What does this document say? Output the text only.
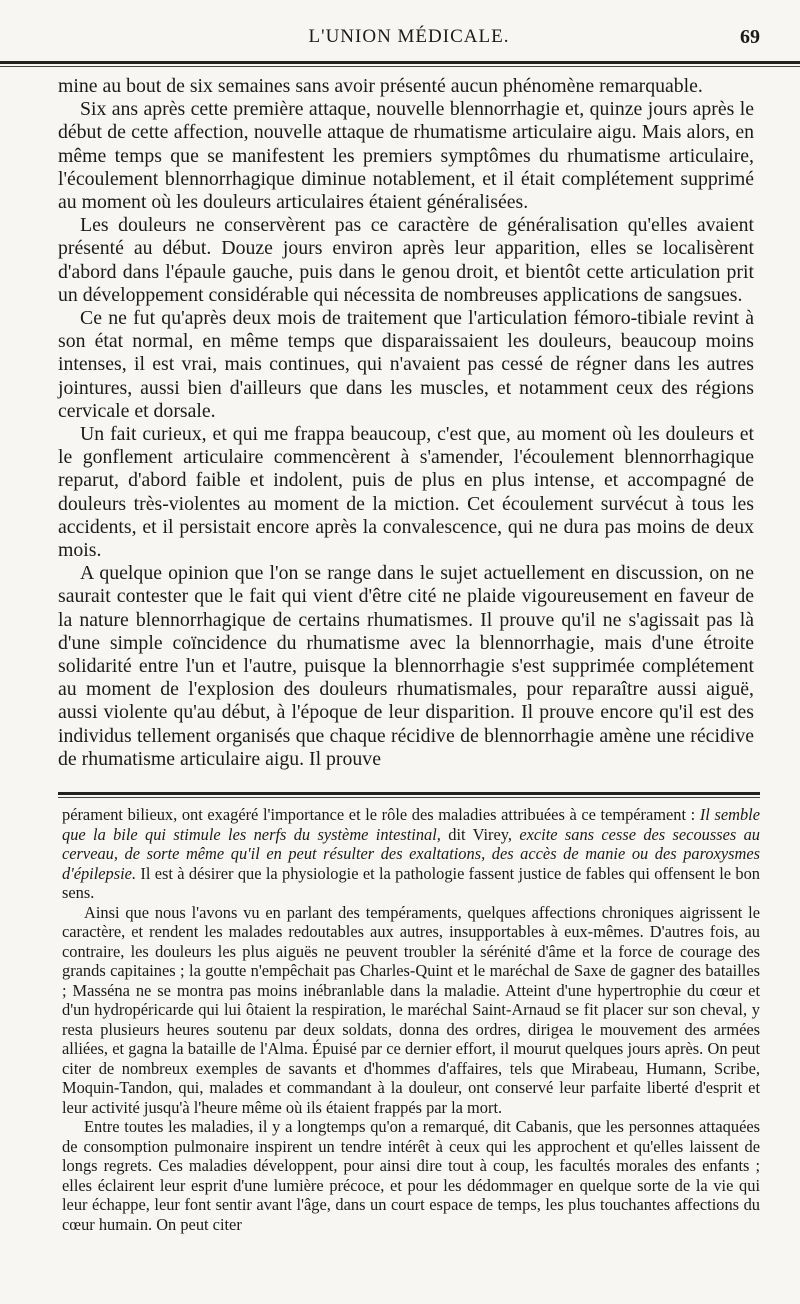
L'UNION MÉDICALE.	69

mine au bout de six semaines sans avoir présenté aucun phénomène remarquable.

Six ans après cette première attaque, nouvelle blennorrhagie et, quinze jours après le début de cette affection, nouvelle attaque de rhumatisme articulaire aigu. Mais alors, en même temps que se manifestent les premiers symptômes du rhumatisme articulaire, l'écoulement blennorrhagique diminue notablement, et il était complétement supprimé au moment où les douleurs articulaires étaient généralisées.

Les douleurs ne conservèrent pas ce caractère de généralisation qu'elles avaient présenté au début. Douze jours environ après leur apparition, elles se localisèrent d'abord dans l'épaule gauche, puis dans le genou droit, et bientôt cette articulation prit un développement considérable qui nécessita de nombreuses applications de sangsues.

Ce ne fut qu'après deux mois de traitement que l'articulation fémoro-tibiale revint à son état normal, en même temps que disparaissaient les douleurs, beaucoup moins intenses, il est vrai, mais continues, qui n'avaient pas cessé de régner dans les autres jointures, aussi bien d'ailleurs que dans les muscles, et notamment ceux des régions cervicale et dorsale.

Un fait curieux, et qui me frappa beaucoup, c'est que, au moment où les douleurs et le gonflement articulaire commencèrent à s'amender, l'écoulement blennorrhagique reparut, d'abord faible et indolent, puis de plus en plus intense, et accompagné de douleurs très-violentes au moment de la miction. Cet écoulement survécut à tous les accidents, et il persistait encore après la convalescence, qui ne dura pas moins de deux mois.

A quelque opinion que l'on se range dans le sujet actuellement en discussion, on ne saurait contester que le fait qui vient d'être cité ne plaide vigoureusement en faveur de la nature blennorrhagique de certains rhumatismes. Il prouve qu'il ne s'agissait pas là d'une simple coïncidence du rhumatisme avec la blennorrhagie, mais d'une étroite solidarité entre l'un et l'autre, puisque la blennorrhagie s'est supprimée complétement au moment de l'explosion des douleurs rhumatismales, pour reparaître aussi aiguë, aussi violente qu'au début, à l'époque de leur disparition. Il prouve encore qu'il est des individus tellement organisés que chaque récidive de blennorrhagie amène une récidive de rhumatisme articulaire aigu. Il prouve

pérament bilieux, ont exagéré l'importance et le rôle des maladies attribuées à ce tempérament : Il semble que la bile qui stimule les nerfs du système intestinal, dit Virey, excite sans cesse des secousses au cerveau, de sorte même qu'il en peut résulter des exaltations, des accès de manie ou des paroxysmes d'épilepsie. Il est à désirer que la physiologie et la pathologie fassent justice de fables qui offensent le bon sens.

Ainsi que nous l'avons vu en parlant des tempéraments, quelques affections chroniques aigrissent le caractère, et rendent les malades redoutables aux autres, insupportables à eux-mêmes. D'autres fois, au contraire, les douleurs les plus aiguës ne peuvent troubler la sérénité d'âme et la force de courage des grands capitaines ; la goutte n'empêchait pas Charles-Quint et le maréchal de Saxe de gagner des batailles ; Masséna ne se montra pas moins inébranlable dans la maladie. Atteint d'une hypertrophie du cœur et d'un hydropéricarde qui lui ôtaient la respiration, le maréchal Saint-Arnaud se fit placer sur son cheval, y resta plusieurs heures soutenu par deux soldats, donna des ordres, dirigea le mouvement des armées alliées, et gagna la bataille de l'Alma. Épuisé par ce dernier effort, il mourut quelques jours après. On peut citer de nombreux exemples de savants et d'hommes d'affaires, tels que Mirabeau, Humann, Scribe, Moquin-Tandon, qui, malades et commandant à la douleur, ont conservé leur parfaite liberté d'esprit et leur activité jusqu'à l'heure même où ils étaient frappés par la mort.

Entre toutes les maladies, il y a longtemps qu'on a remarqué, dit Cabanis, que les personnes attaquées de consomption pulmonaire inspirent un tendre intérêt à ceux qui les approchent et qu'elles laissent de longs regrets. Ces maladies développent, pour ainsi dire tout à coup, les facultés morales des enfants ; elles éclairent leur esprit d'une lumière précoce, et pour les dédommager en quelque sorte de la vie qui leur échappe, leur font sentir avant l'âge, dans un court espace de temps, les plus touchantes affections du cœur humain. On peut citer
